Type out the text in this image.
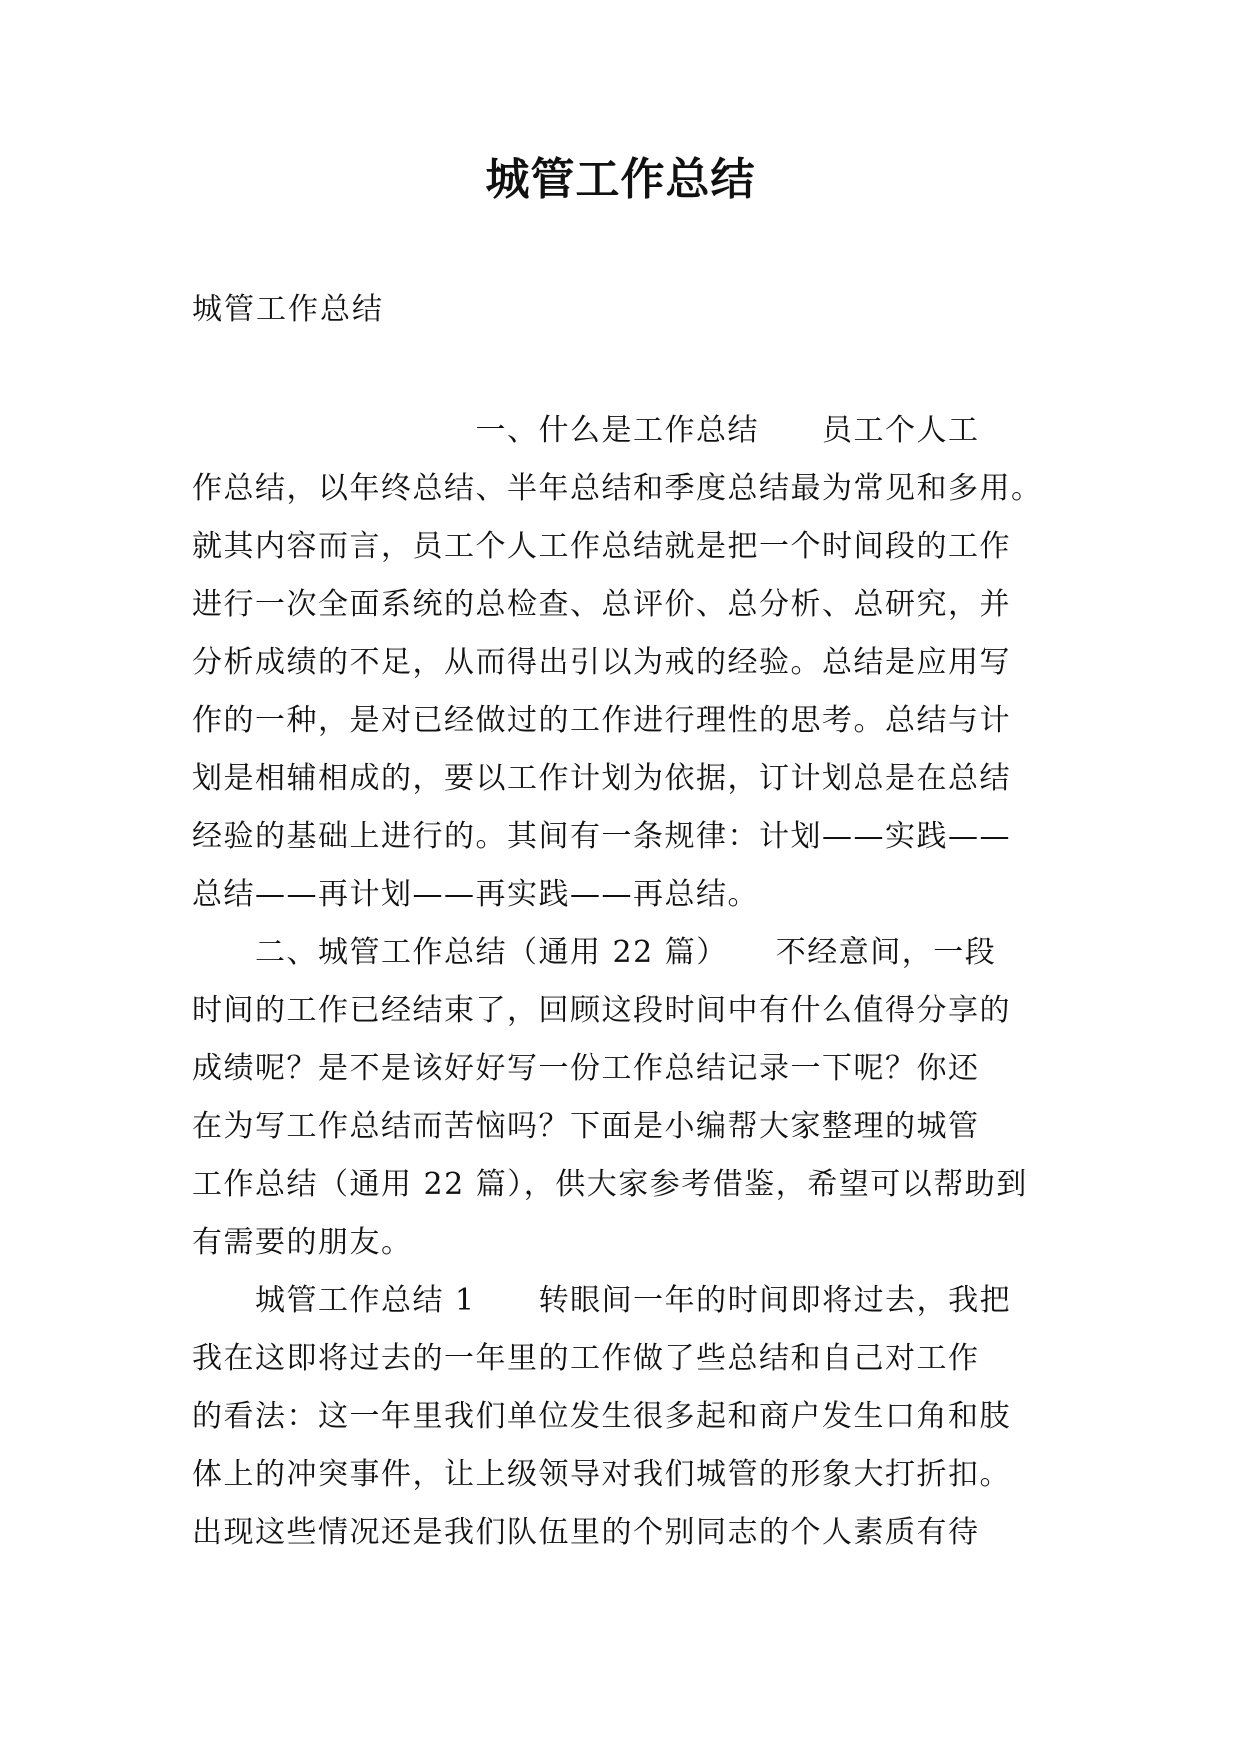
城管工作总结

城管工作总结

　　　　　　　　　一、什么是工作总结　　员工个人工
作总结，以年终总结、半年总结和季度总结最为常见和多用。
就其内容而言，员工个人工作总结就是把一个时间段的工作
进行一次全面系统的总检查、总评价、总分析、总研究，并
分析成绩的不足，从而得出引以为戒的经验。总结是应用写
作的一种，是对已经做过的工作进行理性的思考。总结与计
划是相辅相成的，要以工作计划为依据，订计划总是在总结
经验的基础上进行的。其间有一条规律：计划——实践——
总结——再计划——再实践——再总结。
　　二、城管工作总结（通用 22 篇）　　不经意间，一段
时间的工作已经结束了，回顾这段时间中有什么值得分享的
成绩呢？是不是该好好写一份工作总结记录一下呢？你还
在为写工作总结而苦恼吗？下面是小编帮大家整理的城管
工作总结（通用 22 篇），供大家参考借鉴，希望可以帮助到
有需要的朋友。
　　城管工作总结 1　　转眼间一年的时间即将过去，我把
我在这即将过去的一年里的工作做了些总结和自己对工作
的看法：这一年里我们单位发生很多起和商户发生口角和肢
体上的冲突事件，让上级领导对我们城管的形象大打折扣。
出现这些情况还是我们队伍里的个别同志的个人素质有待
